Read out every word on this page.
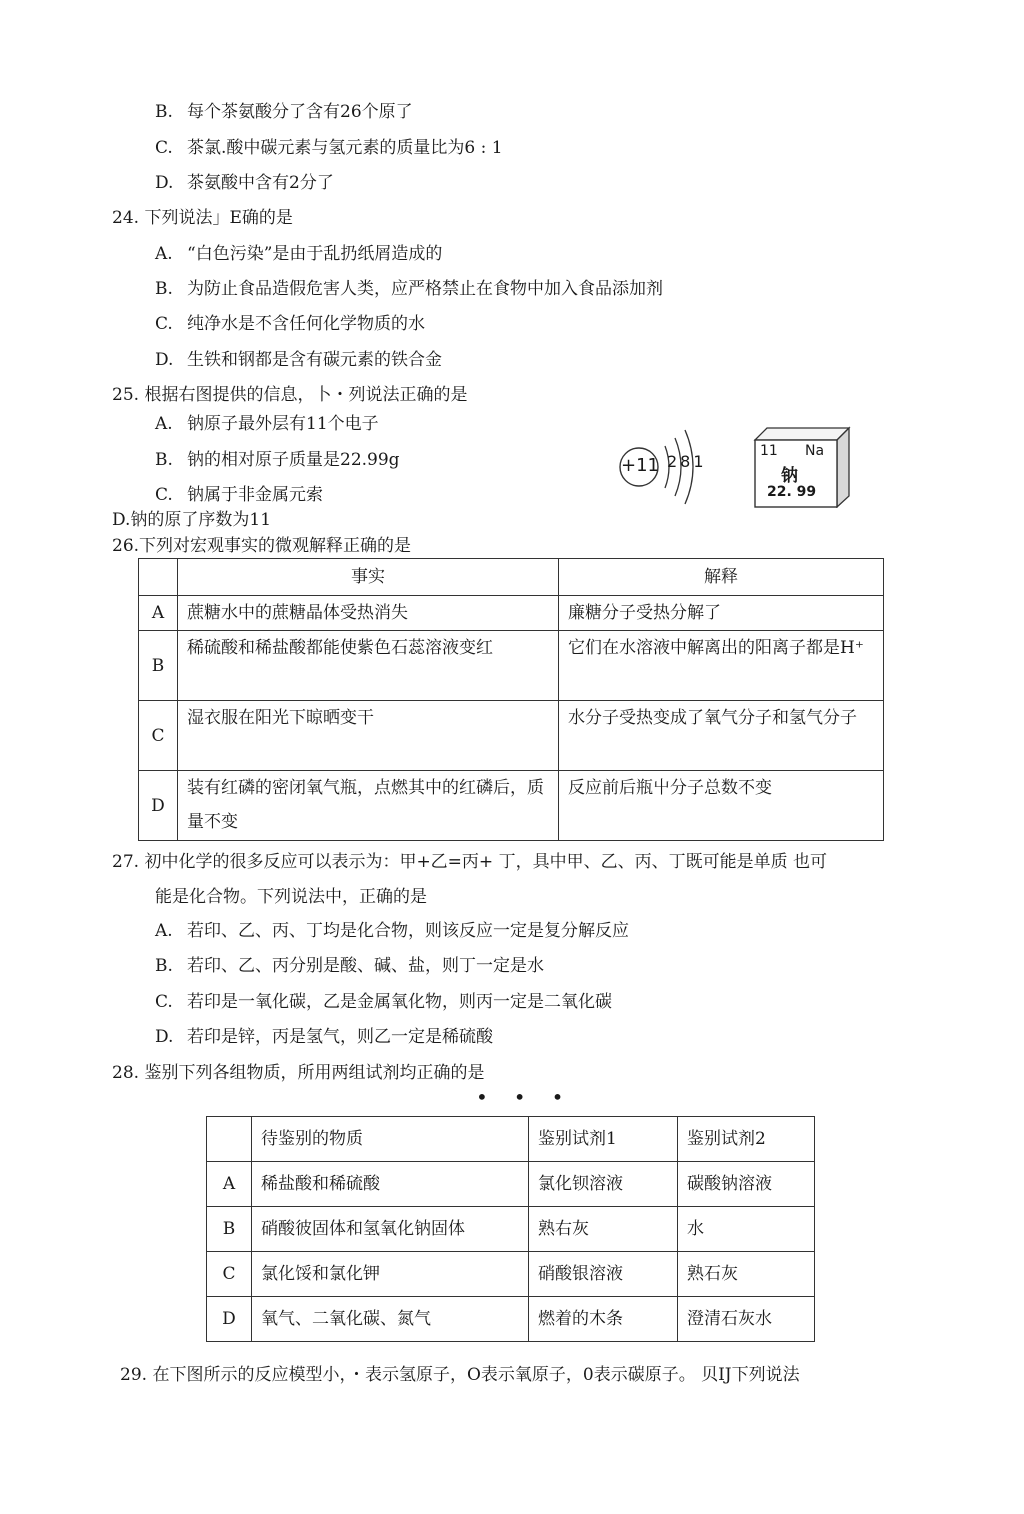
B. 每个茶氨酸分了含有26个原了
C. 茶氯.酸中碳元素与氢元素的质量比为6 : 1
D. 茶氨酸中含有2分了
24. 下列说法」E确的是
A. “白色污染”是由于乱扔纸屑造成的
B. 为防止食品造假危害人类，应严格禁止在食物中加入食品添加剂
C. 纯净水是不含任何化学物质的水
D. 生铁和钢都是含有碳元素的铁合金
25. 根据右图提供的信息，卜・列说法正确的是
A. 钠原子最外层有11个电子
B. 钠的相对原子质量是22.99g
C. 钠属于非金属元索
D.钠的原了序数为11
+11 281
11 Na
钠
22. 99
26.下列对宏观事实的微观解释正确的是
	事实	解释
A	蔗糖水中的蔗糖晶体受热消失	廉糖分子受热分解了
B	稀硫酸和稀盐酸都能使紫色石蕊溶液变红	它们在水溶液中解离出的阳离子都是H⁺
C	湿衣服在阳光下晾晒变干	水分子受热变成了氧气分子和氢气分子
D	装有红磷的密闭氧气瓶，点燃其中的红磷后，质量不变	反应前后瓶屮分子总数不变
27. 初中化学的很多反应可以表示为：甲+乙=丙+ 丁，具中甲、乙、丙、丁既可能是单质 也可
能是化合物。下列说法中，正确的是
A. 若印、乙、丙、丁均是化合物，则该反应一定是复分解反应
B. 若印、乙、丙分别是酸、碱、盐，则丁一定是水
C. 若印是一氧化碳，乙是金属氧化物，则丙一定是二氧化碳
D. 若印是锌，丙是氢气，则乙一定是稀硫酸
28. 鉴别下列各组物质，所用两组试剂均正确的是
•••
	待鉴别的物质	鉴别试剂1	鉴别试剂2
A	稀盐酸和稀硫酸	氯化钡溶液	碳酸钠溶液
B	硝酸彼固体和氢氧化钠固体	熟右灰	水
C	氯化馁和氯化钾	硝酸银溶液	熟石灰
D	氧气、二氧化碳、氮气	燃着的木条	澄清石灰水
29. 在下图所示的反应模型小，・表示氢原子，O表示氧原子，0表示碳原子。 贝IJ下列说法
